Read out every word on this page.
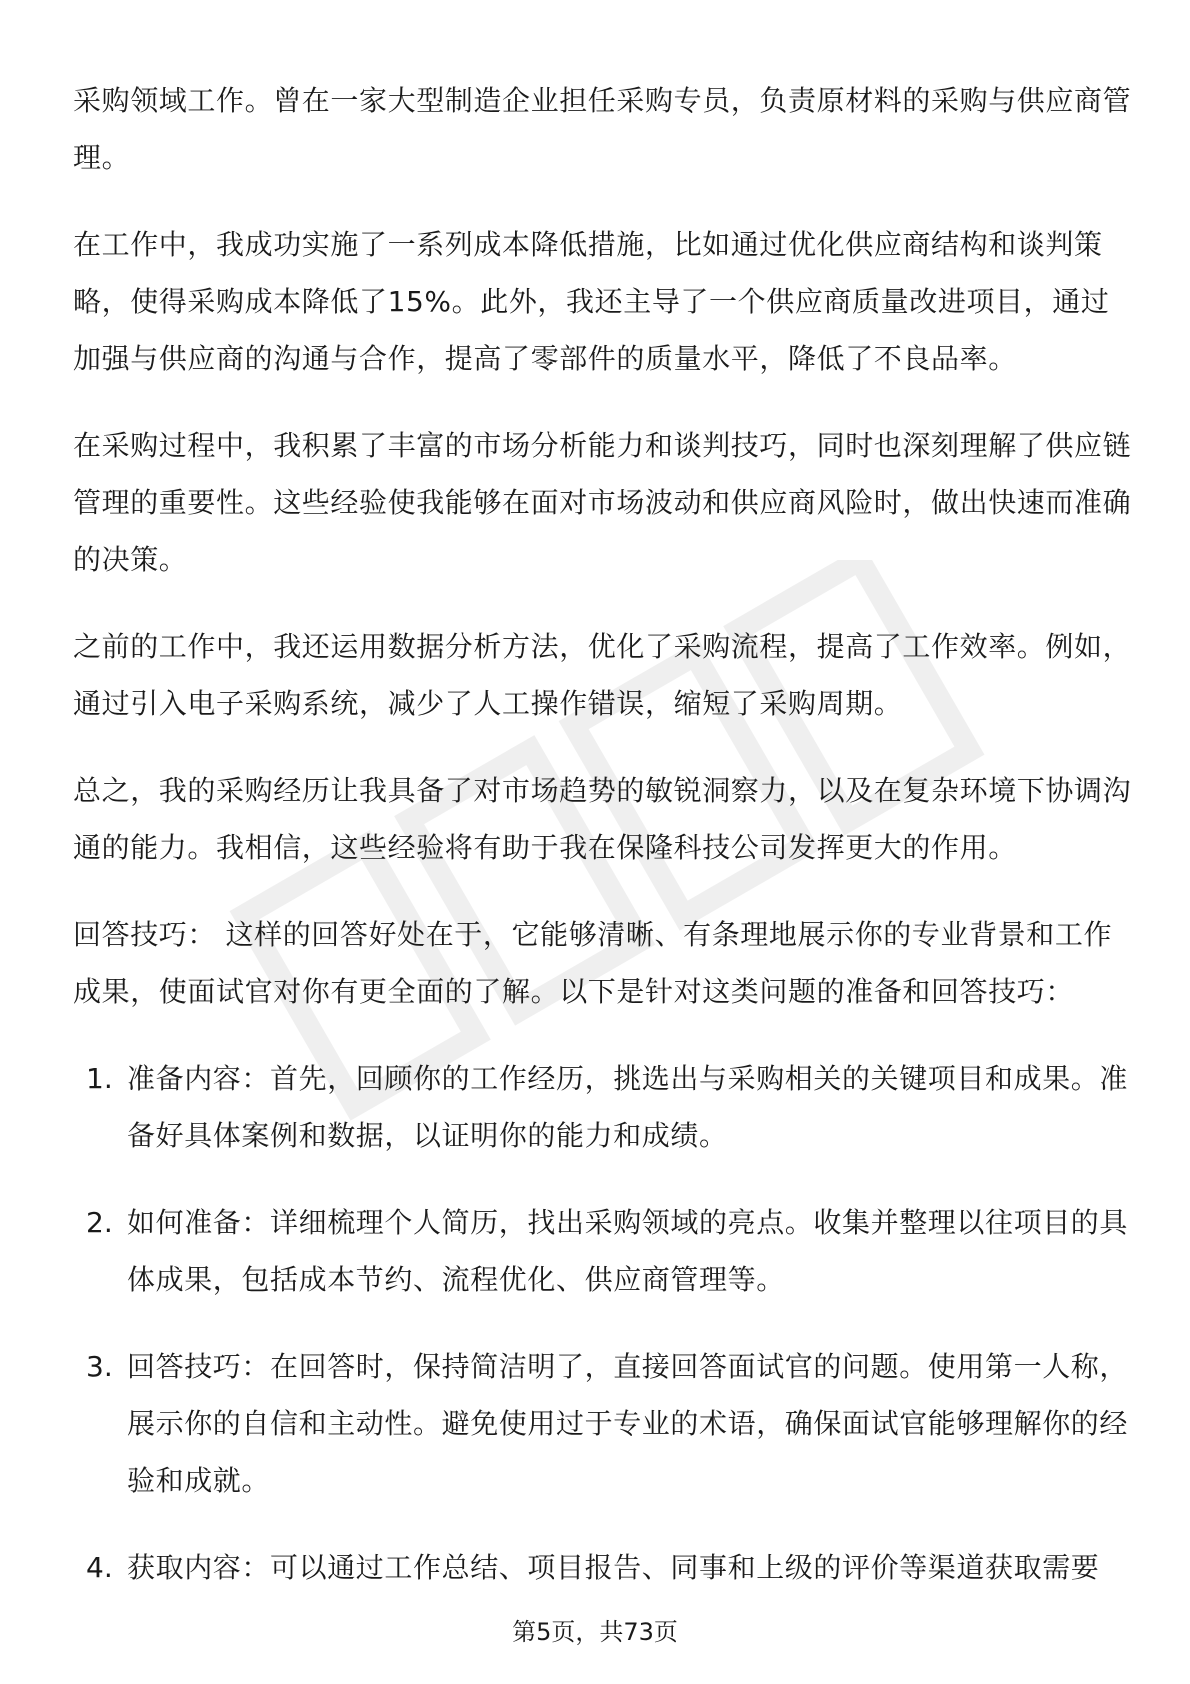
采购领域工作。曾在一家大型制造企业担任采购专员，负责原材料的采购与供应商管理。

在工作中，我成功实施了一系列成本降低措施，比如通过优化供应商结构和谈判策略，使得采购成本降低了15%。此外，我还主导了一个供应商质量改进项目，通过加强与供应商的沟通与合作，提高了零部件的质量水平，降低了不良品率。

在采购过程中，我积累了丰富的市场分析能力和谈判技巧，同时也深刻理解了供应链管理的重要性。这些经验使我能够在面对市场波动和供应商风险时，做出快速而准确的决策。

之前的工作中，我还运用数据分析方法，优化了采购流程，提高了工作效率。例如，通过引入电子采购系统，减少了人工操作错误，缩短了采购周期。

总之，我的采购经历让我具备了对市场趋势的敏锐洞察力，以及在复杂环境下协调沟通的能力。我相信，这些经验将有助于我在保隆科技公司发挥更大的作用。

回答技巧： 这样的回答好处在于，它能够清晰、有条理地展示你的专业背景和工作成果，使面试官对你有更全面的了解。以下是针对这类问题的准备和回答技巧：

1. 准备内容：首先，回顾你的工作经历，挑选出与采购相关的关键项目和成果。准备好具体案例和数据，以证明你的能力和成绩。
2. 如何准备：详细梳理个人简历，找出采购领域的亮点。收集并整理以往项目的具体成果，包括成本节约、流程优化、供应商管理等。
3. 回答技巧：在回答时，保持简洁明了，直接回答面试官的问题。使用第一人称，展示你的自信和主动性。避免使用过于专业的术语，确保面试官能够理解你的经验和成就。
4. 获取内容：可以通过工作总结、项目报告、同事和上级的评价等渠道获取需要
第5页，共73页
